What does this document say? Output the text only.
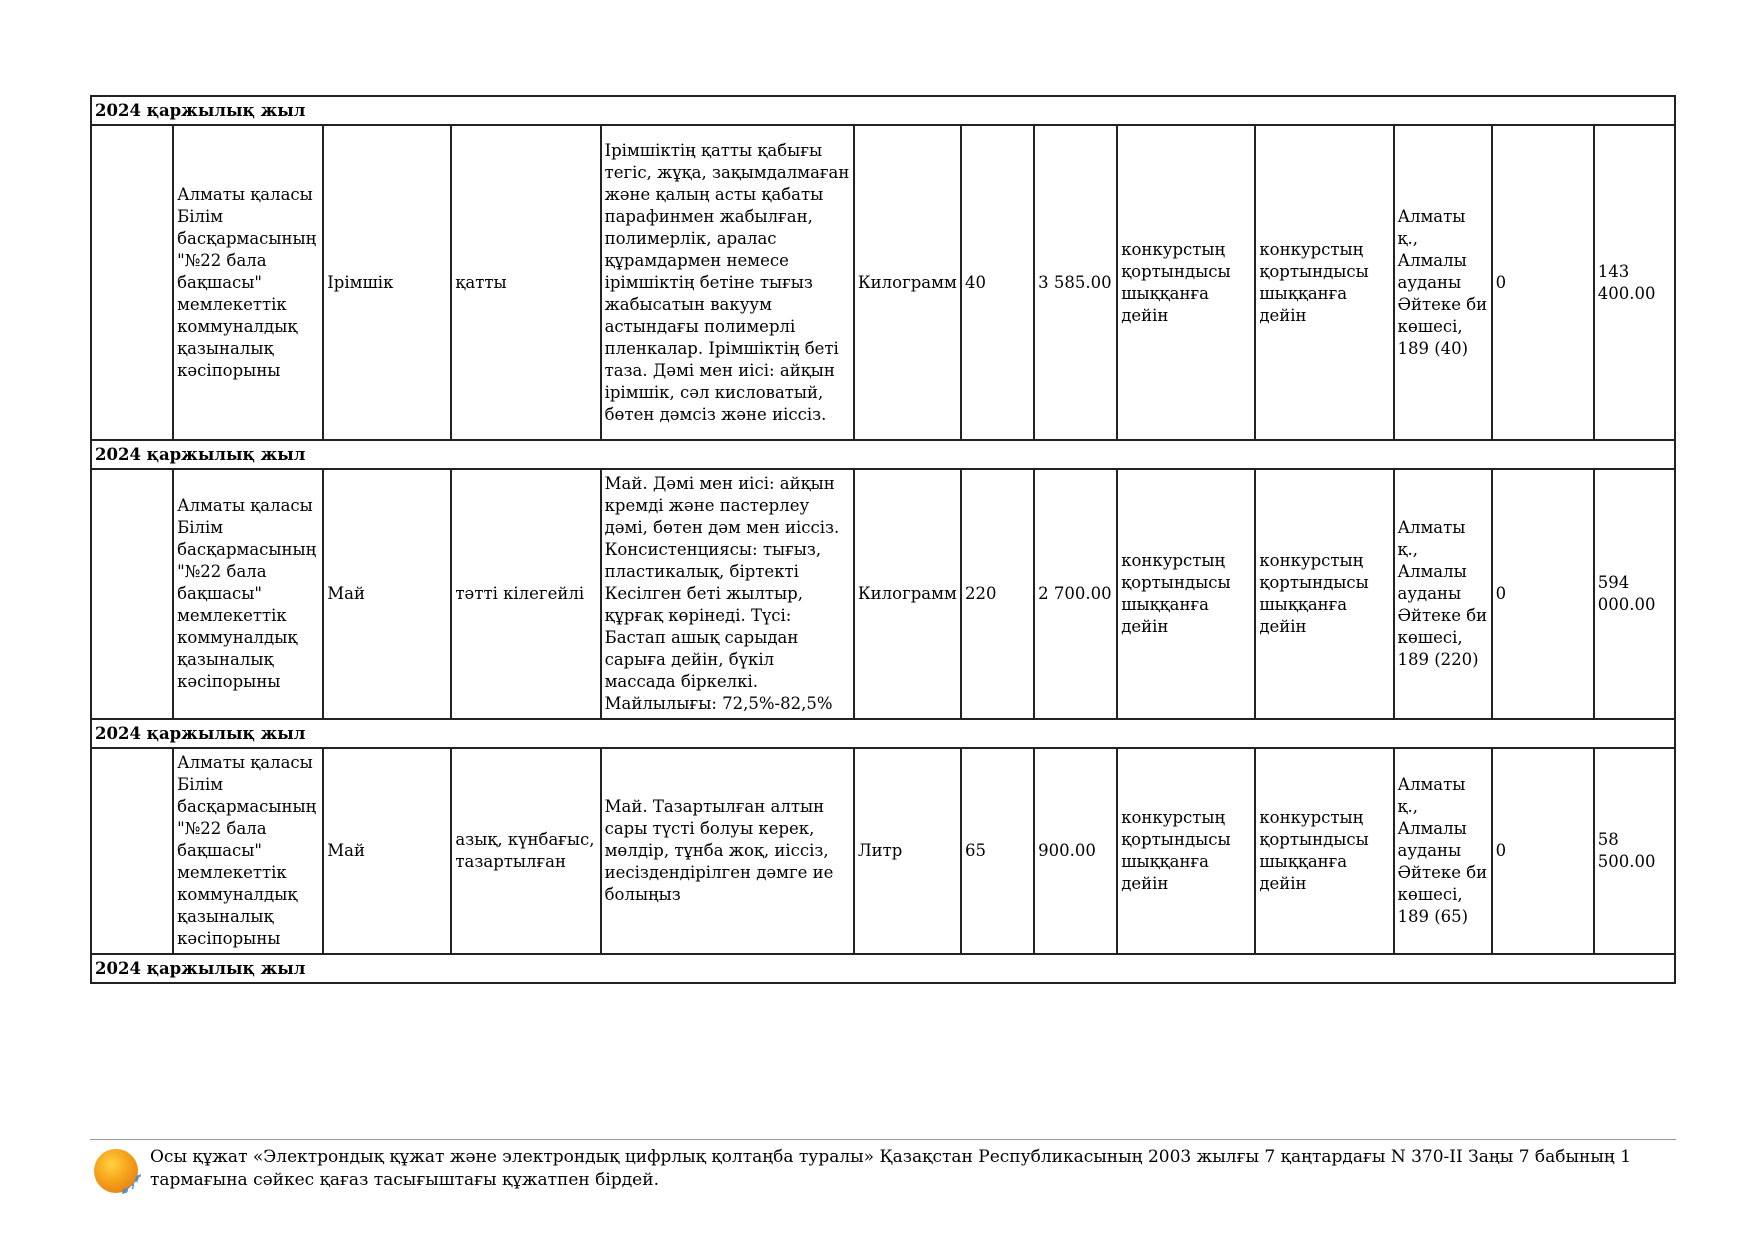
2024 қаржылық жыл												
	Алматы қаласы Білім басқармасының "№22 бала бақшасы" мемлекеттік коммуналдық қазыналық кәсіпорыны	Ірімшік	қатты	Ірімшіктің қатты қабығы тегіс, жұқа, зақымдалмаған және қалың асты қабаты парафинмен жабылған, полимерлік, аралас құрамдармен немесе ірімшіктің бетіне тығыз жабысатын вакуум астындағы полимерлі пленкалар. Ірімшіктің беті таза. Дәмі мен иісі: айқын ірімшік, сәл кисловатый, бөтен дәмсіз және иіссіз.	Килограмм	40	3 585.00	конкурстың қортындысы шыққанға дейін	конкурстың қортындысы шыққанға дейін	Алматы қ., Алмалы ауданы Әйтеке би көшесі, 189 (40)	0	143 400.00
2024 қаржылық жыл												
	Алматы қаласы Білім басқармасының "№22 бала бақшасы" мемлекеттік коммуналдық қазыналық кәсіпорыны	Май	тәтті кілегейлі	Май. Дәмі мен иісі: айқын кремді және пастерлеу дәмі, бөтен дәм мен иіссіз. Консистенциясы: тығыз, пластикалық, біртекті Кесілген беті жылтыр, құрғақ көрінеді. Түсі: Бастап ашық сарыдан сарыға дейін, бүкіл массада біркелкі. Майлылығы: 72,5%-82,5%	Килограмм	220	2 700.00	конкурстың қортындысы шыққанға дейін	конкурстың қортындысы шыққанға дейін	Алматы қ., Алмалы ауданы Әйтеке би көшесі, 189 (220)	0	594 000.00
2024 қаржылық жыл												
	Алматы қаласы Білім басқармасының "№22 бала бақшасы" мемлекеттік коммуналдық қазыналық кәсіпорыны	Май	азық, күнбағыс, тазартылған	Май. Тазартылған алтын сары түсті болуы керек, мөлдір, тұнба жоқ, иіссіз, иесіздендірілген дәмге ие болыңыз	Литр	65	900.00	конкурстың қортындысы шыққанға дейін	конкурстың қортындысы шыққанға дейін	Алматы қ., Алмалы ауданы Әйтеке би көшесі, 189 (65)	0	58 500.00
2024 қаржылық жыл												
Осы құжат «Электрондық құжат және электрондық цифрлық қолтаңба туралы» Қазақстан Республикасының 2003 жылғы 7 қаңтардағы N 370-II Заңы 7 бабының 1 тармағына сәйкес қағаз тасығыштағы құжатпен бірдей.
